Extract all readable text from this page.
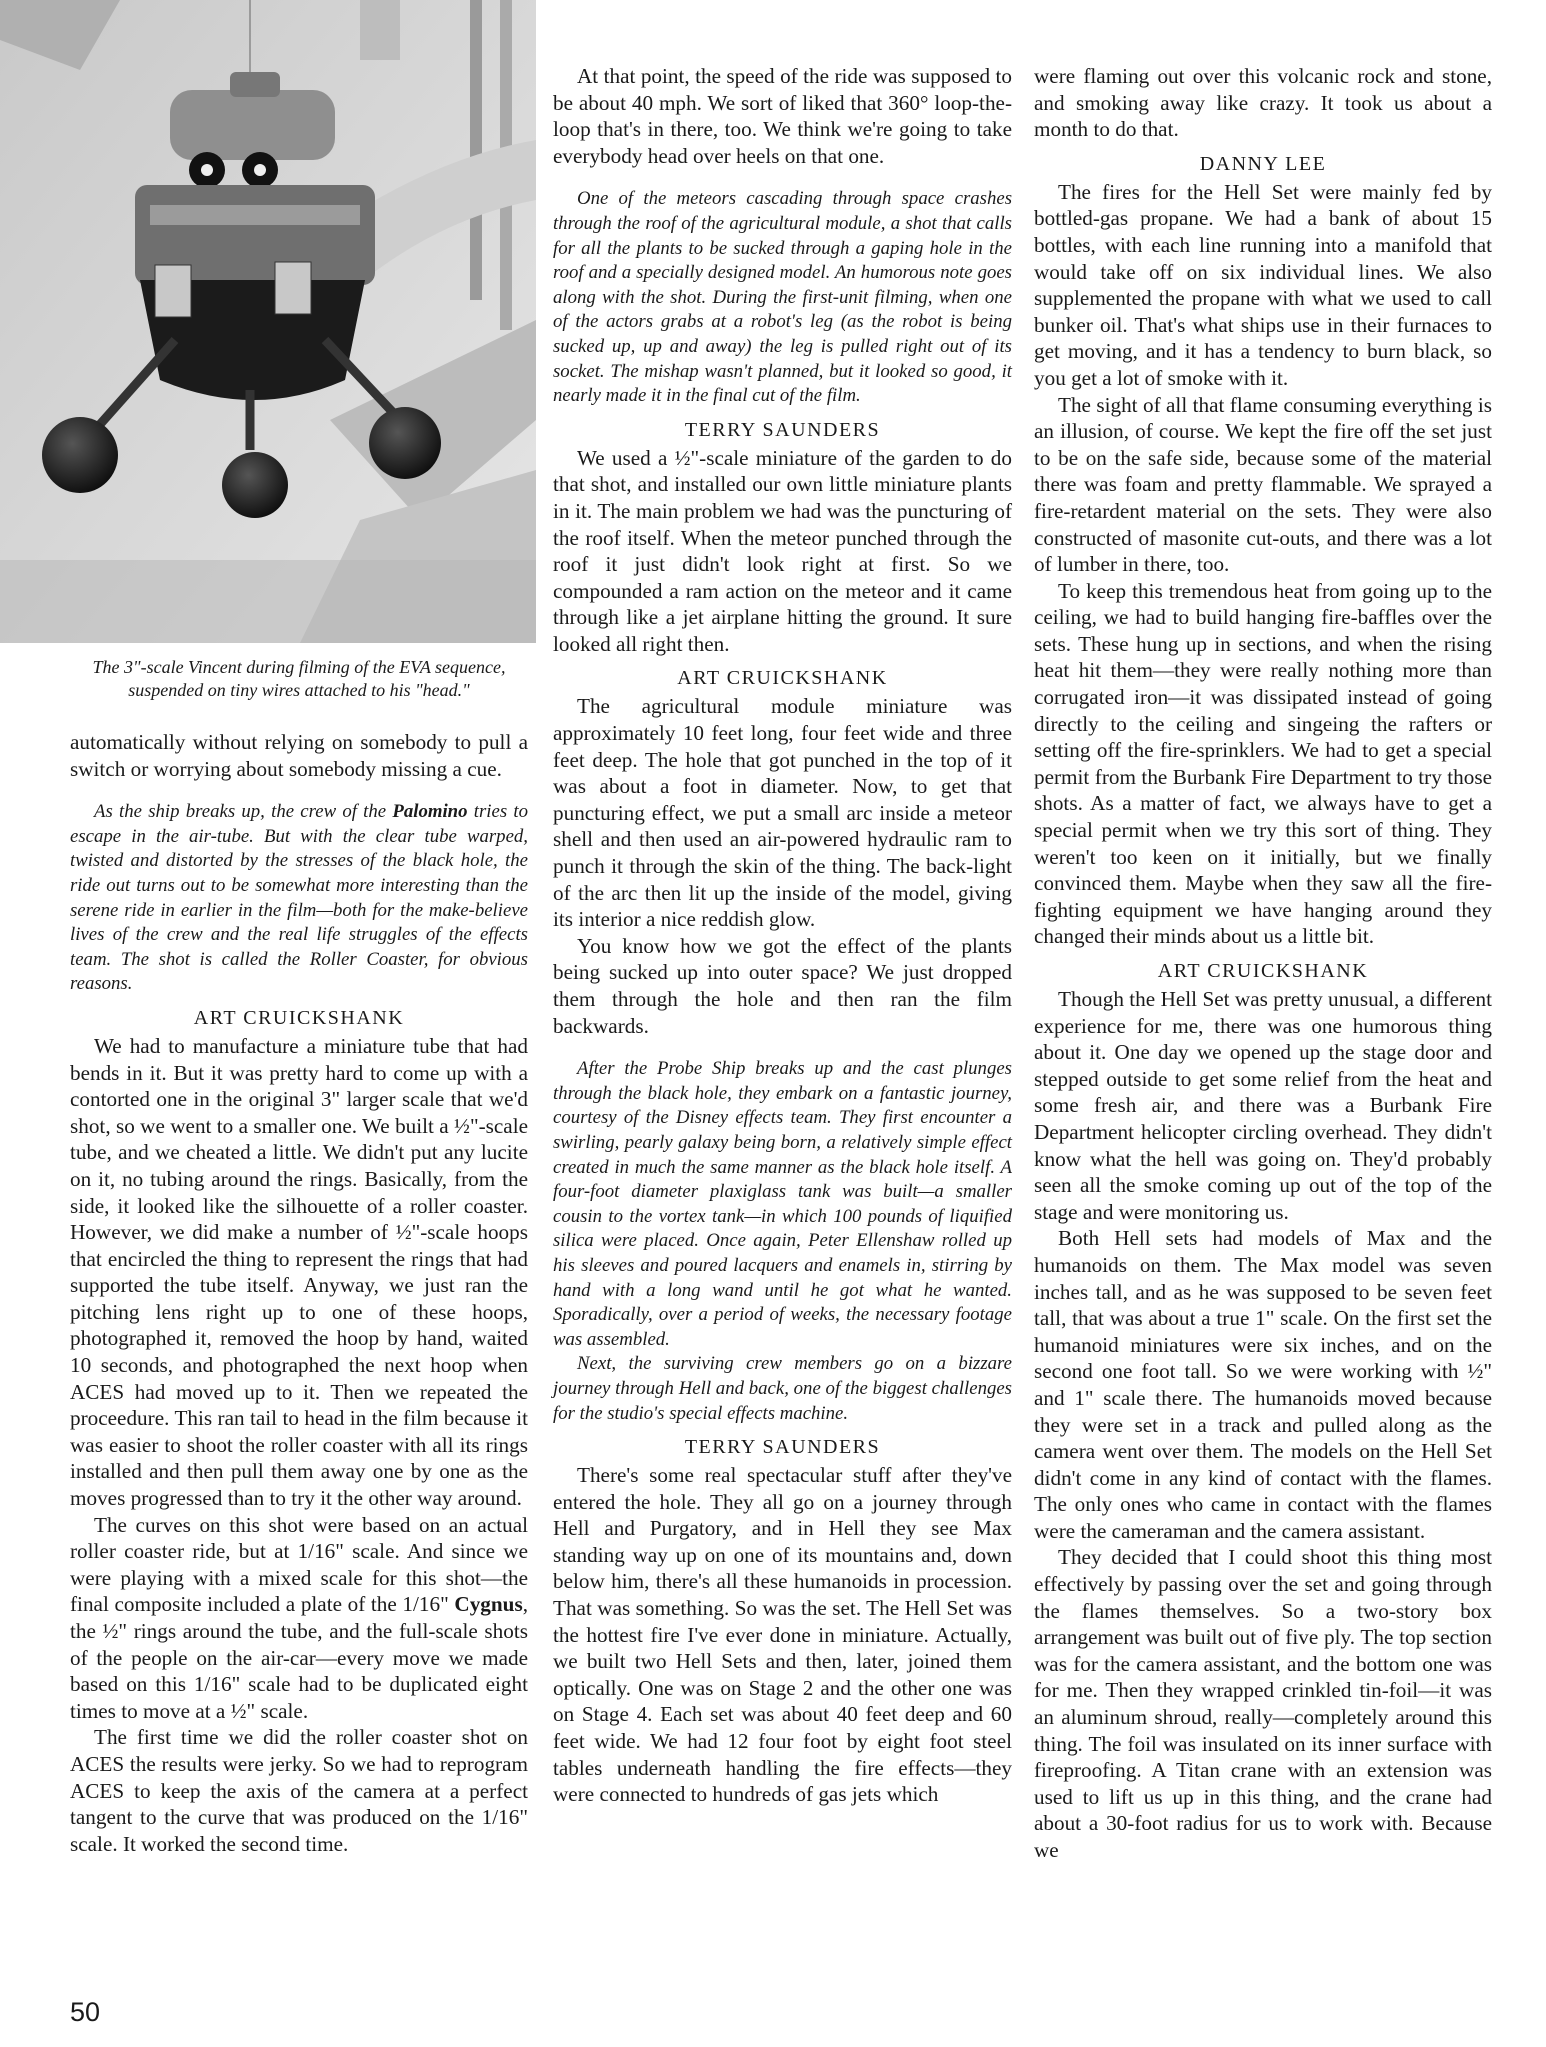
The 3"-scale Vincent during filming of the EVA sequence, suspended on tiny wires attached to his "head."

automatically without relying on somebody to pull a switch or worrying about somebody missing a cue.

As the ship breaks up, the crew of the Palomino tries to escape in the air-tube. But with the clear tube warped, twisted and distorted by the stresses of the black hole, the ride out turns out to be somewhat more interesting than the serene ride in earlier in the film—both for the make-believe lives of the crew and the real life struggles of the effects team. The shot is called the Roller Coaster, for obvious reasons.

ART CRUICKSHANK

We had to manufacture a miniature tube that had bends in it. But it was pretty hard to come up with a contorted one in the original 3" larger scale that we'd shot, so we went to a smaller one. We built a ½"-scale tube, and we cheated a little. We didn't put any lucite on it, no tubing around the rings. Basically, from the side, it looked like the silhouette of a roller coaster. However, we did make a number of ½"-scale hoops that encircled the thing to represent the rings that had supported the tube itself. Anyway, we just ran the pitching lens right up to one of these hoops, photographed it, removed the hoop by hand, waited 10 seconds, and photographed the next hoop when ACES had moved up to it. Then we repeated the proceedure. This ran tail to head in the film because it was easier to shoot the roller coaster with all its rings installed and then pull them away one by one as the moves progressed than to try it the other way around.

The curves on this shot were based on an actual roller coaster ride, but at 1/16" scale. And since we were playing with a mixed scale for this shot—the final composite included a plate of the 1/16" Cygnus, the ½" rings around the tube, and the full-scale shots of the people on the air-car—every move we made based on this 1/16" scale had to be duplicated eight times to move at a ½" scale.

The first time we did the roller coaster shot on ACES the results were jerky. So we had to reprogram ACES to keep the axis of the camera at a perfect tangent to the curve that was produced on the 1/16" scale. It worked the second time.

At that point, the speed of the ride was supposed to be about 40 mph. We sort of liked that 360° loop-the-loop that's in there, too. We think we're going to take everybody head over heels on that one.

One of the meteors cascading through space crashes through the roof of the agricultural module, a shot that calls for all the plants to be sucked through a gaping hole in the roof and a specially designed model. An humorous note goes along with the shot. During the first-unit filming, when one of the actors grabs at a robot's leg (as the robot is being sucked up, up and away) the leg is pulled right out of its socket. The mishap wasn't planned, but it looked so good, it nearly made it in the final cut of the film.

TERRY SAUNDERS

We used a ½"-scale miniature of the garden to do that shot, and installed our own little miniature plants in it. The main problem we had was the puncturing of the roof itself. When the meteor punched through the roof it just didn't look right at first. So we compounded a ram action on the meteor and it came through like a jet airplane hitting the ground. It sure looked all right then.

ART CRUICKSHANK

The agricultural module miniature was approximately 10 feet long, four feet wide and three feet deep. The hole that got punched in the top of it was about a foot in diameter. Now, to get that puncturing effect, we put a small arc inside a meteor shell and then used an air-powered hydraulic ram to punch it through the skin of the thing. The back-light of the arc then lit up the inside of the model, giving its interior a nice reddish glow.

You know how we got the effect of the plants being sucked up into outer space? We just dropped them through the hole and then ran the film backwards.

After the Probe Ship breaks up and the cast plunges through the black hole, they embark on a fantastic journey, courtesy of the Disney effects team. They first encounter a swirling, pearly galaxy being born, a relatively simple effect created in much the same manner as the black hole itself. A four-foot diameter plaxiglass tank was built—a smaller cousin to the vortex tank—in which 100 pounds of liquified silica were placed. Once again, Peter Ellenshaw rolled up his sleeves and poured lacquers and enamels in, stirring by hand with a long wand until he got what he wanted. Sporadically, over a period of weeks, the necessary footage was assembled.

Next, the surviving crew members go on a bizzare journey through Hell and back, one of the biggest challenges for the studio's special effects machine.

TERRY SAUNDERS

There's some real spectacular stuff after they've entered the hole. They all go on a journey through Hell and Purgatory, and in Hell they see Max standing way up on one of its mountains and, down below him, there's all these humanoids in procession. That was something. So was the set. The Hell Set was the hottest fire I've ever done in miniature. Actually, we built two Hell Sets and then, later, joined them optically. One was on Stage 2 and the other one was on Stage 4. Each set was about 40 feet deep and 60 feet wide. We had 12 four foot by eight foot steel tables underneath handling the fire effects—they were connected to hundreds of gas jets which

were flaming out over this volcanic rock and stone, and smoking away like crazy. It took us about a month to do that.

DANNY LEE

The fires for the Hell Set were mainly fed by bottled-gas propane. We had a bank of about 15 bottles, with each line running into a manifold that would take off on six individual lines. We also supplemented the propane with what we used to call bunker oil. That's what ships use in their furnaces to get moving, and it has a tendency to burn black, so you get a lot of smoke with it.

The sight of all that flame consuming everything is an illusion, of course. We kept the fire off the set just to be on the safe side, because some of the material there was foam and pretty flammable. We sprayed a fire-retardent material on the sets. They were also constructed of masonite cut-outs, and there was a lot of lumber in there, too.

To keep this tremendous heat from going up to the ceiling, we had to build hanging fire-baffles over the sets. These hung up in sections, and when the rising heat hit them—they were really nothing more than corrugated iron—it was dissipated instead of going directly to the ceiling and singeing the rafters or setting off the fire-sprinklers. We had to get a special permit from the Burbank Fire Department to try those shots. As a matter of fact, we always have to get a special permit when we try this sort of thing. They weren't too keen on it initially, but we finally convinced them. Maybe when they saw all the fire-fighting equipment we have hanging around they changed their minds about us a little bit.

ART CRUICKSHANK

Though the Hell Set was pretty unusual, a different experience for me, there was one humorous thing about it. One day we opened up the stage door and stepped outside to get some relief from the heat and some fresh air, and there was a Burbank Fire Department helicopter circling overhead. They didn't know what the hell was going on. They'd probably seen all the smoke coming up out of the top of the stage and were monitoring us.

Both Hell sets had models of Max and the humanoids on them. The Max model was seven inches tall, and as he was supposed to be seven feet tall, that was about a true 1" scale. On the first set the humanoid miniatures were six inches, and on the second one foot tall. So we were working with ½" and 1" scale there. The humanoids moved because they were set in a track and pulled along as the camera went over them. The models on the Hell Set didn't come in any kind of contact with the flames. The only ones who came in contact with the flames were the cameraman and the camera assistant.

They decided that I could shoot this thing most effectively by passing over the set and going through the flames themselves. So a two-story box arrangement was built out of five ply. The top section was for the camera assistant, and the bottom one was for me. Then they wrapped crinkled tin-foil—it was an aluminum shroud, really—completely around this thing. The foil was insulated on its inner surface with fireproofing. A Titan crane with an extension was used to lift us up in this thing, and the crane had about a 30-foot radius for us to work with. Because we

50
